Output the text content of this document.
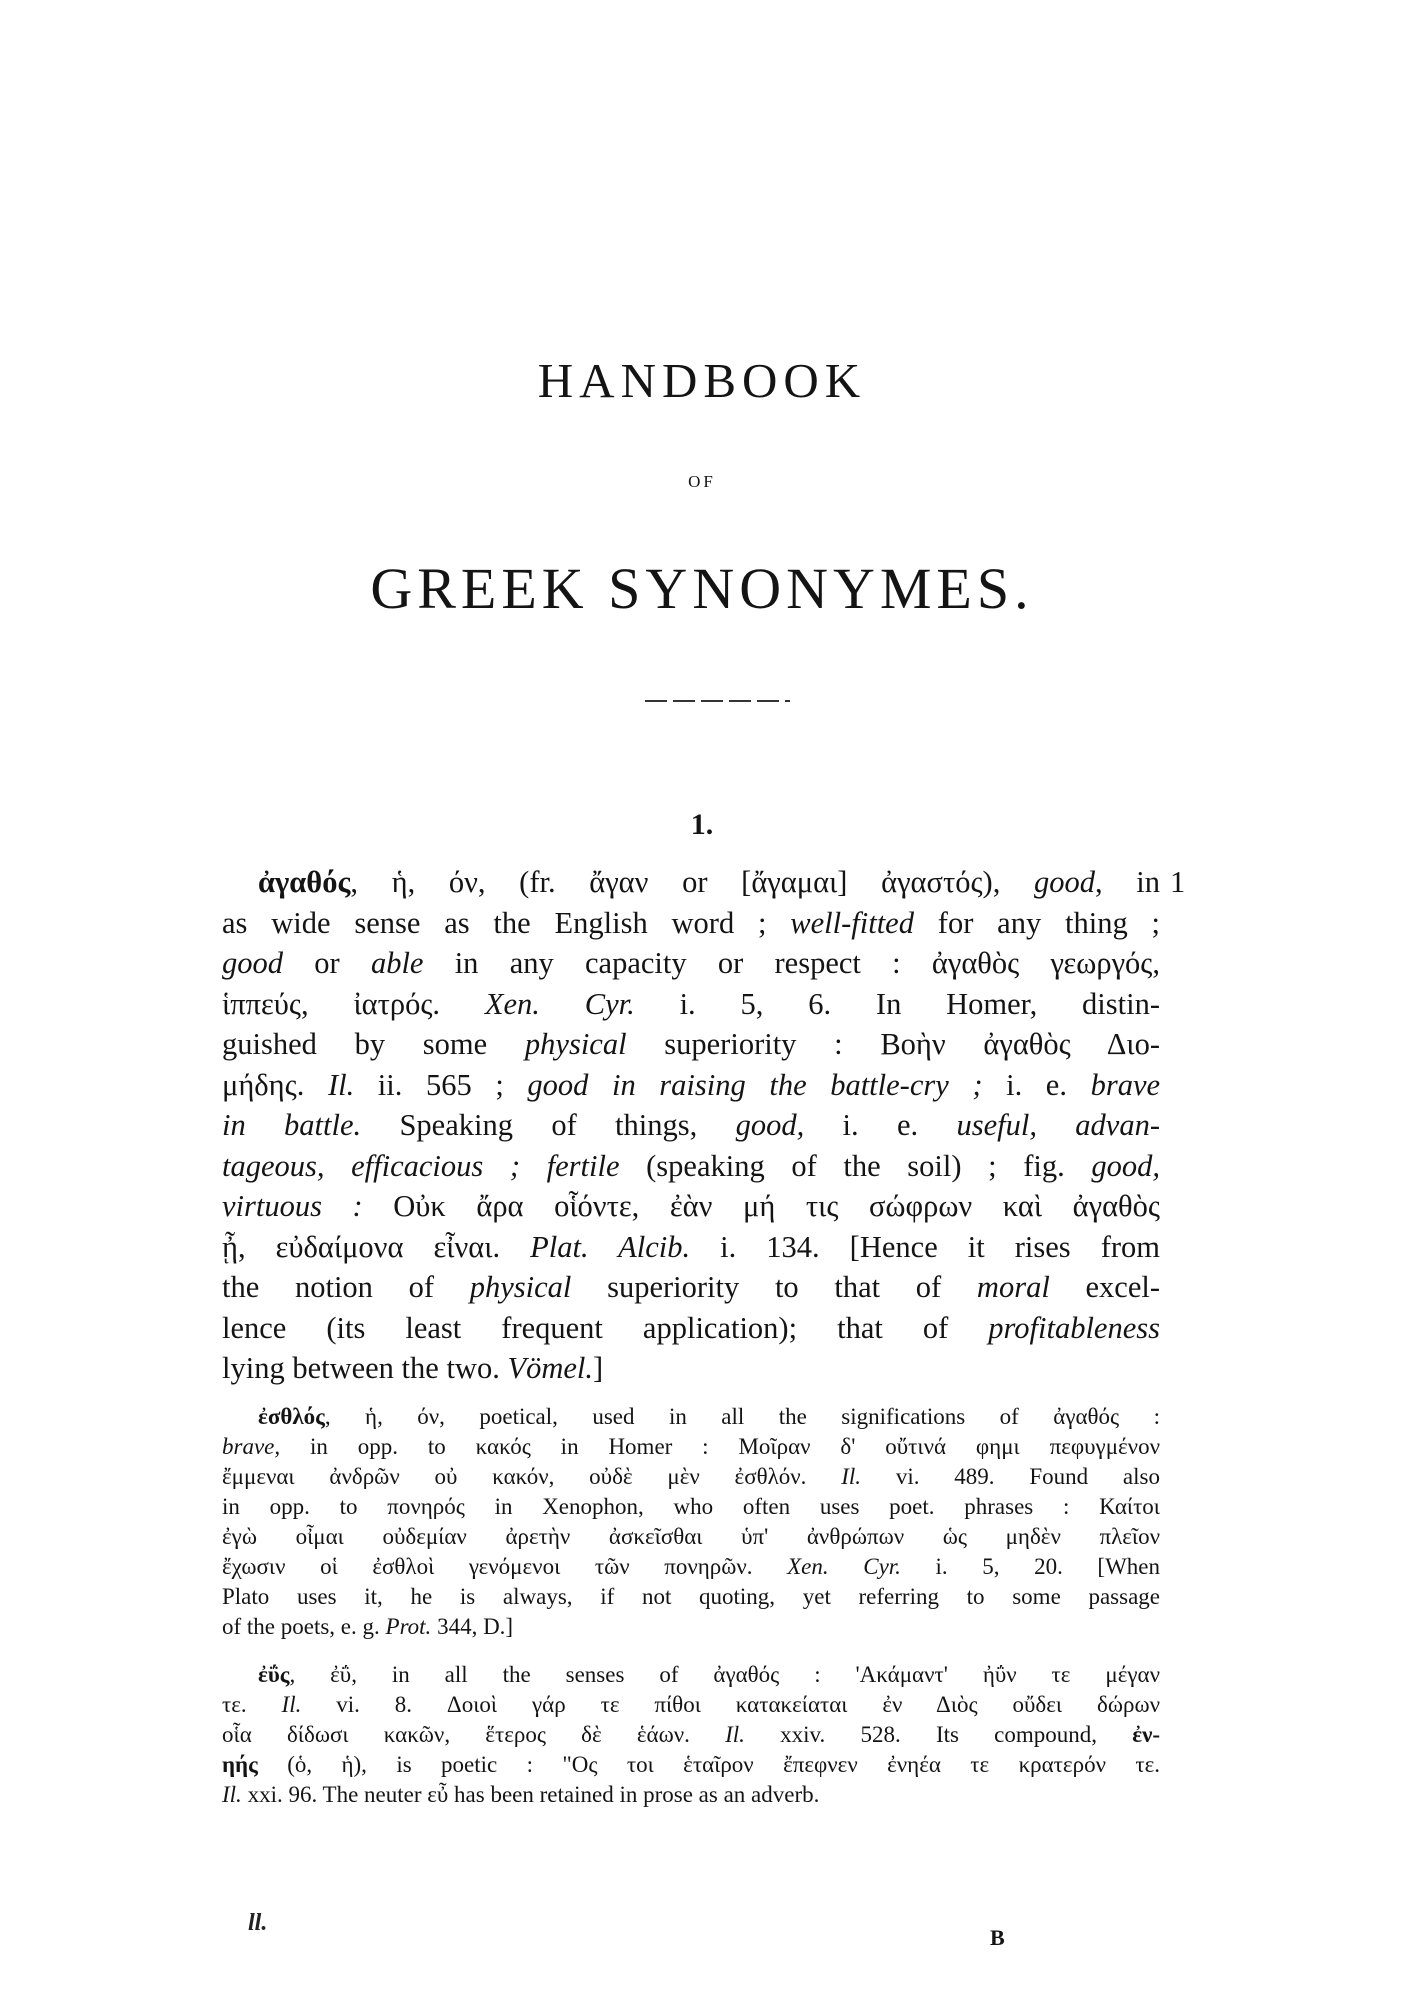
HANDBOOK
OF
GREEK SYNONYMES.
1.
1
ἀγαθός, ἡ, όν, (fr. ἄγαν or [ἄγαμαι] ἀγαστός), good, in
as wide sense as the English word ; well-fitted for any thing ;
good or able in any capacity or respect : ἀγαθὸς γεωργός,
ἱππεύς, ἰατρός. Xen. Cyr. i. 5, 6. In Homer, distin-
guished by some physical superiority : Βοὴν ἀγαθὸς Διο-
μήδης. Il. ii. 565 ; good in raising the battle-cry ; i. e. brave
in battle. Speaking of things, good, i. e. useful, advan-
tageous, efficacious ; fertile (speaking of the soil) ; fig. good,
virtuous : Οὐκ ἄρα οἷόντε, ἐὰν μή τις σώφρων καὶ ἀγαθὸς
ᾖ, εὐδαίμονα εἶναι. Plat. Alcib. i. 134. [Hence it rises from
the notion of physical superiority to that of moral excel-
lence (its least frequent application); that of profitableness
lying between the two. Vömel.]
ἐσθλός, ἡ, όν, poetical, used in all the significations of ἀγαθός :
brave, in opp. to κακός in Homer : Μοῖραν δ' οὔτινά φημι πεφυγμένον
ἔμμεναι ἀνδρῶν οὐ κακόν, οὐδὲ μὲν ἐσθλόν. Il. vi. 489. Found also
in opp. to πονηρός in Xenophon, who often uses poet. phrases : Καίτοι
ἐγὼ οἶμαι οὐδεμίαν ἀρετὴν ἀσκεῖσθαι ὑπ' ἀνθρώπων ὡς μηδὲν πλεῖον
ἔχωσιν οἱ ἐσθλοὶ γενόμενοι τῶν πονηρῶν. Xen. Cyr. i. 5, 20. [When
Plato uses it, he is always, if not quoting, yet referring to some passage
of the poets, e. g. Prot. 344, D.]
ἐΰς, ἐΰ, in all the senses of ἀγαθός : 'Ακάμαντ' ἠΰν τε μέγαν
τε. Il. vi. 8. Δοιοὶ γάρ τε πίθοι κατακείαται ἐν Διὸς οὔδει δώρων
οἷα δίδωσι κακῶν, ἕτερος δὲ ἑάων. Il. xxiv. 528. Its compound, ἐν-
ηής (ὁ, ἡ), is poetic : "Ος τοι ἑταῖρον ἔπεφνεν ἐνηέα τε κρατερόν τε.
Il. xxi. 96. The neuter εὖ has been retained in prose as an adverb.
ll.
B
